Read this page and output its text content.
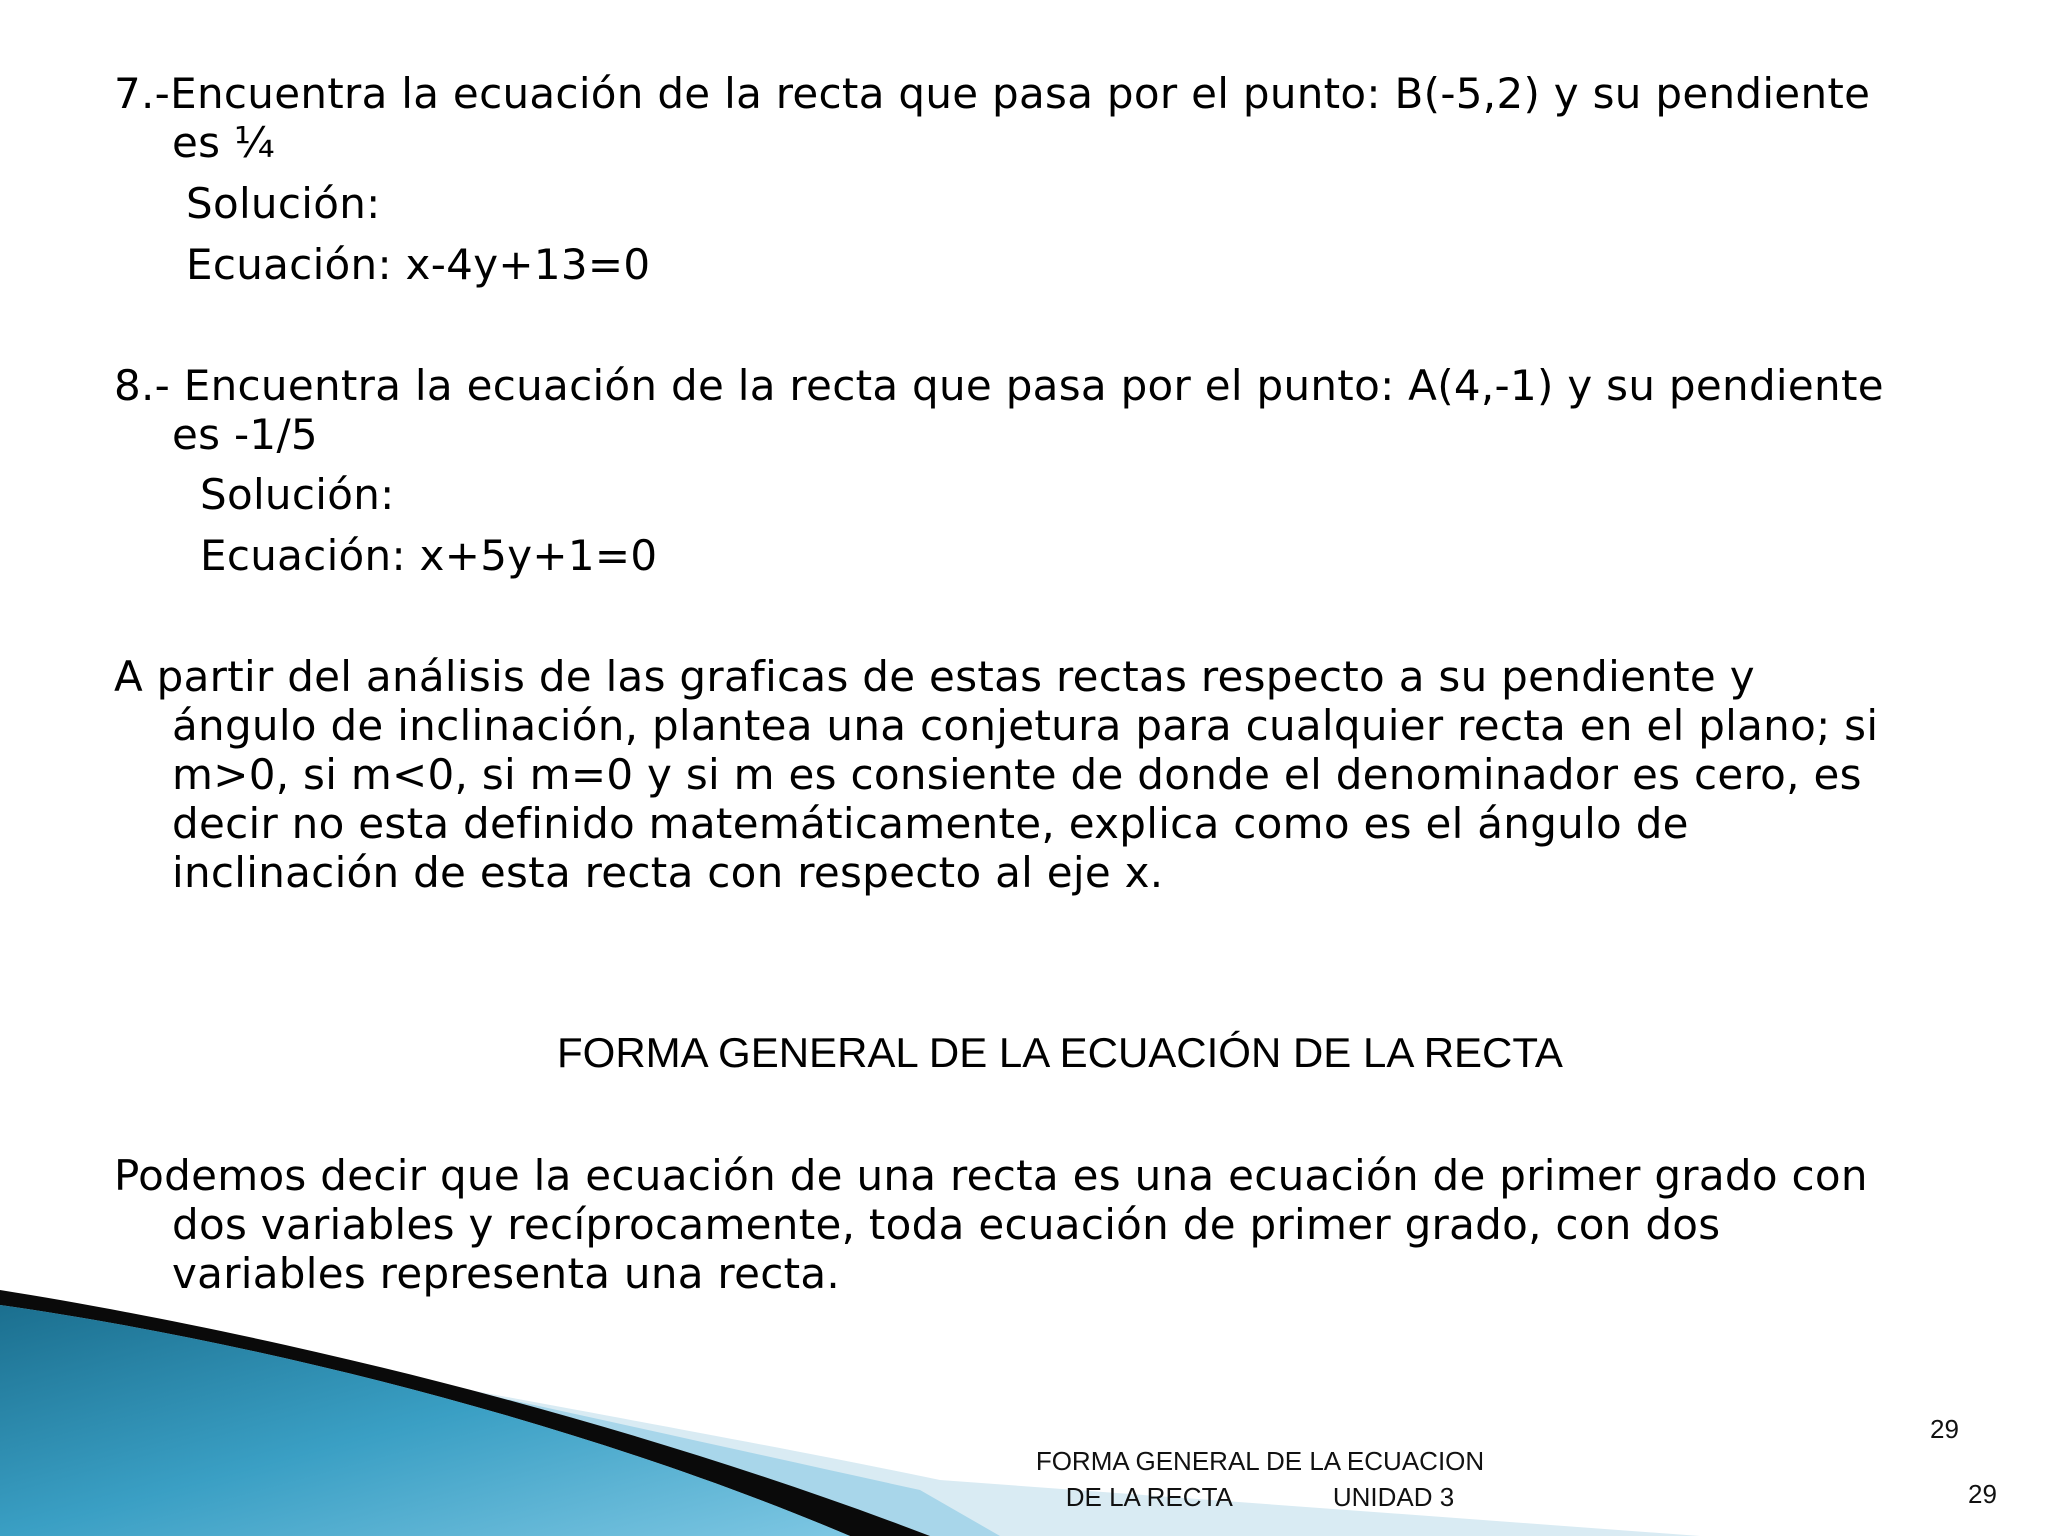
7.-Encuentra la ecuación de la recta que pasa por el punto: B(-5,2) y su pendiente
es ¼
Solución:
Ecuación: x-4y+13=0
8.- Encuentra la ecuación de la recta que pasa por el punto: A(4,-1) y su pendiente
es -1/5
Solución:
Ecuación: x+5y+1=0
A partir del análisis de las graficas de estas rectas respecto a su pendiente y
ángulo de inclinación, plantea una conjetura para cualquier recta en el plano; si
m>0, si m<0, si m=0 y si m es consiente de donde el denominador es cero, es
decir no esta definido matemáticamente, explica como es el ángulo de
inclinación de esta recta con respecto al eje x.
FORMA GENERAL DE LA ECUACIÓN DE LA RECTA
Podemos decir que la ecuación de una recta es una ecuación de primer grado con
dos variables y recíprocamente, toda ecuación de primer grado, con dos
variables representa una recta.
FORMA GENERAL DE LA ECUACION
DE LA RECTA	UNIDAD 3
29
29
